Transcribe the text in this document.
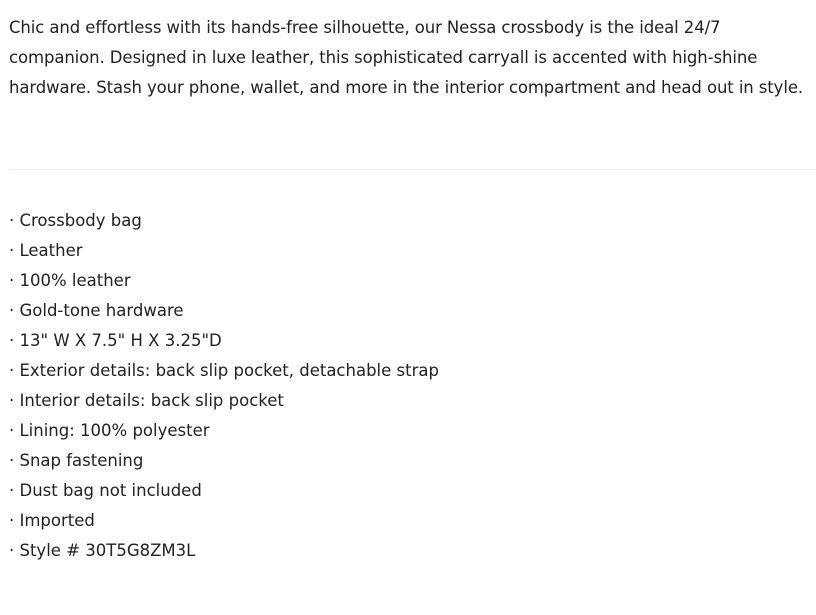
Chic and effortless with its hands-free silhouette, our Nessa crossbody is the ideal 24/7 companion. Designed in luxe leather, this sophisticated carryall is accented with high-shine hardware. Stash your phone, wallet, and more in the interior compartment and head out in style.

· Crossbody bag
· Leather
· 100% leather
· Gold-tone hardware
· 13" W X 7.5" H X 3.25"D
· Exterior details: back slip pocket, detachable strap
· Interior details: back slip pocket
· Lining: 100% polyester
· Snap fastening
· Dust bag not included
· Imported
· Style # 30T5G8ZM3L
